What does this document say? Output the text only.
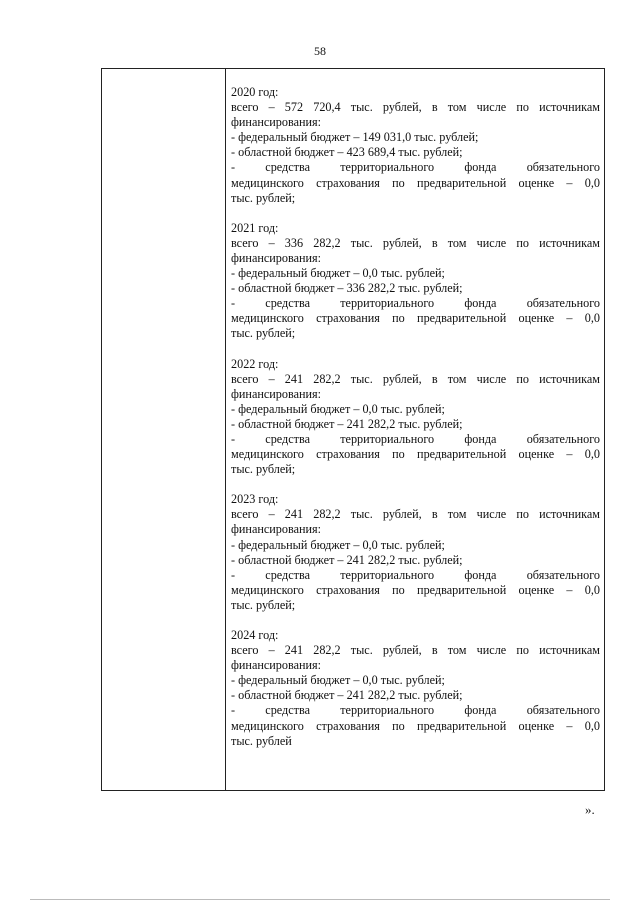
58
2020 год:
всего – 572 720,4 тыс. рублей, в том числе по источникам
финансирования:
- федеральный бюджет – 149 031,0 тыс. рублей;
- областной бюджет – 423 689,4 тыс. рублей;
- средства территориального фонда обязательного
медицинского страхования по предварительной оценке – 0,0
тыс. рублей;
2021 год:
всего – 336 282,2 тыс. рублей, в том числе по источникам
финансирования:
- федеральный бюджет – 0,0 тыс. рублей;
- областной бюджет – 336 282,2 тыс. рублей;
- средства территориального фонда обязательного
медицинского страхования по предварительной оценке – 0,0
тыс. рублей;
2022 год:
всего – 241 282,2 тыс. рублей, в том числе по источникам
финансирования:
- федеральный бюджет – 0,0 тыс. рублей;
- областной бюджет – 241 282,2 тыс. рублей;
- средства территориального фонда обязательного
медицинского страхования по предварительной оценке – 0,0
тыс. рублей;
2023 год:
всего – 241 282,2 тыс. рублей, в том числе по источникам
финансирования:
- федеральный бюджет – 0,0 тыс. рублей;
- областной бюджет – 241 282,2 тыс. рублей;
- средства территориального фонда обязательного
медицинского страхования по предварительной оценке – 0,0
тыс. рублей;
2024 год:
всего – 241 282,2 тыс. рублей, в том числе по источникам
финансирования:
- федеральный бюджет – 0,0 тыс. рублей;
- областной бюджет – 241 282,2 тыс. рублей;
- средства территориального фонда обязательного
медицинского страхования по предварительной оценке – 0,0
тыс. рублей
».
